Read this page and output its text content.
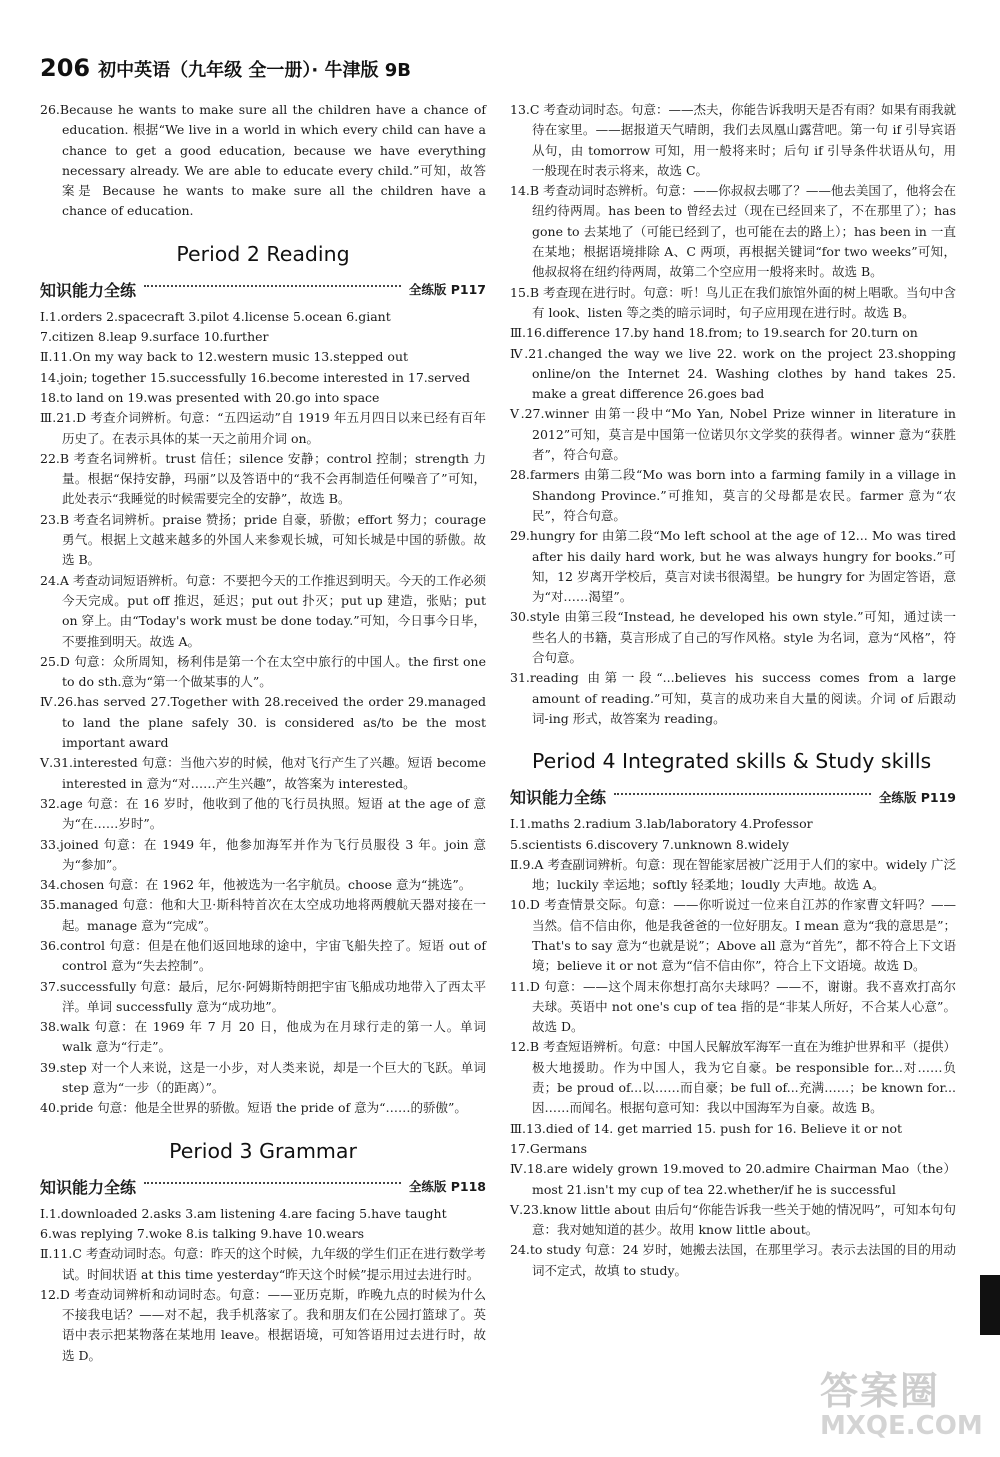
206 初中英语（九年级 全一册）· 牛津版 9B

26.Because he wants to make sure all the children have a chance of education. 根据“We live in a world in which every child can have a chance to get a good education, because we have everything necessary already. We are able to educate every child.”可知，故答案是 Because he wants to make sure all the children have a chance of education.

Period 2 Reading
知识能力全练	全练版 P117

Ⅰ.1.orders 2.spacecraft 3.pilot 4.license 5.ocean 6.giant

7.citizen 8.leap 9.surface 10.further

Ⅱ.11.On my way back to 12.western music 13.stepped out

14.join; together 15.successfully 16.become interested in 17.served

18.to land on 19.was presented with 20.go into space

Ⅲ.21.D 考查介词辨析。句意：“五四运动”自 1919 年五月四日以来已经有百年历史了。在表示具体的某一天之前用介词 on。

22.B 考查名词辨析。trust 信任；silence 安静；control 控制；strength 力量。根据“保持安静，玛丽”以及答语中的“我不会再制造任何噪音了”可知，此处表示“我睡觉的时候需要完全的安静”，故选 B。

23.B 考查名词辨析。praise 赞扬；pride 自豪，骄傲；effort 努力；courage 勇气。根据上文越来越多的外国人来参观长城，可知长城是中国的骄傲。故选 B。

24.A 考查动词短语辨析。句意：不要把今天的工作推迟到明天。今天的工作必须今天完成。put off 推迟，延迟；put out 扑灭；put up 建造，张贴；put on 穿上。由“Today's work must be done today.”可知，今日事今日毕，不要推到明天。故选 A。

25.D 句意：众所周知，杨利伟是第一个在太空中旅行的中国人。the first one to do sth.意为“第一个做某事的人”。

Ⅳ.26.has served 27.Together with 28.received the order 29.managed to land the plane safely 30. is considered as/to be the most important award

Ⅴ.31.interested 句意：当他六岁的时候，他对飞行产生了兴趣。短语 become interested in 意为“对……产生兴趣”，故答案为 interested。

32.age 句意：在 16 岁时，他收到了他的飞行员执照。短语 at the age of 意为“在……岁时”。

33.joined 句意：在 1949 年，他参加海军并作为飞行员服役 3 年。join 意为“参加”。

34.chosen 句意：在 1962 年，他被选为一名宇航员。choose 意为“挑选”。

35.managed 句意：他和大卫·斯科特首次在太空成功地将两艘航天器对接在一起。manage 意为“完成”。

36.control 句意：但是在他们返回地球的途中，宇宙飞船失控了。短语 out of control 意为“失去控制”。

37.successfully 句意：最后，尼尔·阿姆斯特朗把宇宙飞船成功地带入了西太平洋。单词 successfully 意为“成功地”。

38.walk 句意：在 1969 年 7 月 20 日，他成为在月球行走的第一人。单词 walk 意为“行走”。

39.step 对一个人来说，这是一小步，对人类来说，却是一个巨大的飞跃。单词 step 意为“一步（的距离）”。

40.pride 句意：他是全世界的骄傲。短语 the pride of 意为“……的骄傲”。

Period 3 Grammar
知识能力全练	全练版 P118

Ⅰ.1.downloaded 2.asks 3.am listening 4.are facing 5.have taught

6.was replying 7.woke 8.is talking 9.have 10.wears

Ⅱ.11.C 考查动词时态。句意：昨天的这个时候，九年级的学生们正在进行数学考试。时间状语 at this time yesterday“昨天这个时候”提示用过去进行时。

12.D 考查动词辨析和动词时态。句意：——亚历克斯，昨晚九点的时候为什么不接我电话？——对不起，我手机落家了。我和朋友们在公园打篮球了。英语中表示把某物落在某地用 leave。根据语境，可知答语用过去进行时，故选 D。

13.C 考查动词时态。句意：——杰夫，你能告诉我明天是否有雨？如果有雨我就待在家里。——据报道天气晴朗，我们去凤凰山露营吧。第一句 if 引导宾语从句，由 tomorrow 可知，用一般将来时；后句 if 引导条件状语从句，用一般现在时表示将来，故选 C。

14.B 考查动词时态辨析。句意：——你叔叔去哪了？——他去美国了，他将会在纽约待两周。has been to 曾经去过（现在已经回来了，不在那里了）；has gone to 去某地了（可能已经到了，也可能在去的路上）；has been in 一直在某地；根据语境排除 A、C 两项，再根据关键词“for two weeks”可知，他叔叔将在纽约待两周，故第二个空应用一般将来时。故选 B。

15.B 考查现在进行时。句意：听！鸟儿正在我们旅馆外面的树上唱歌。当句中含有 look、listen 等之类的暗示词时，句子应用现在进行时。故选 B。

Ⅲ.16.difference 17.by hand 18.from; to 19.search for 20.turn on

Ⅳ.21.changed the way we live 22. work on the project 23.shopping online/on the Internet 24. Washing clothes by hand takes 25. make a great difference 26.goes bad

Ⅴ.27.winner 由第一段中“Mo Yan, Nobel Prize winner in literature in 2012”可知，莫言是中国第一位诺贝尔文学奖的获得者。winner 意为“获胜者”，符合句意。

28.farmers 由第二段“Mo was born into a farming family in a village in Shandong Province.”可推知，莫言的父母都是农民。farmer 意为“农民”，符合句意。

29.hungry for 由第二段“Mo left school at the age of 12... Mo was tired after his daily hard work, but he was always hungry for books.”可知，12 岁离开学校后，莫言对读书很渴望。be hungry for 为固定答语，意为“对……渴望”。

30.style 由第三段“Instead, he developed his own style.”可知，通过读一些名人的书籍，莫言形成了自己的写作风格。style 为名词，意为“风格”，符合句意。

31.reading 由第一段“...believes his success comes from a large amount of reading.”可知，莫言的成功来自大量的阅读。介词 of 后跟动词-ing 形式，故答案为 reading。

Period 4 Integrated skills & Study skills
知识能力全练	全练版 P119

Ⅰ.1.maths 2.radium 3.lab/laboratory 4.Professor

5.scientists 6.discovery 7.unknown 8.widely

Ⅱ.9.A 考查副词辨析。句意：现在智能家居被广泛用于人们的家中。widely 广泛地；luckily 幸运地；softly 轻柔地；loudly 大声地。故选 A。

10.D 考查情景交际。句意：——你听说过一位来自江苏的作家曹文轩吗？——当然。信不信由你，他是我爸爸的一位好朋友。I mean 意为“我的意思是”；That's to say 意为“也就是说”；Above all 意为“首先”，都不符合上下文语境；believe it or not 意为“信不信由你”，符合上下文语境。故选 D。

11.D 句意：——这个周末你想打高尔夫球吗？——不，谢谢。我不喜欢打高尔夫球。英语中 not one's cup of tea 指的是“非某人所好，不合某人心意”。故选 D。

12.B 考查短语辨析。句意：中国人民解放军海军一直在为维护世界和平（提供）极大地援助。作为中国人，我为它自豪。be responsible for...对……负责；be proud of...以……而自豪；be full of...充满……；be known for...因……而闻名。根据句意可知：我以中国海军为自豪。故选 B。

Ⅲ.13.died of 14. get married 15. push for 16. Believe it or not

17.Germans

Ⅳ.18.are widely grown 19.moved to 20.admire Chairman Mao（the）most 21.isn't my cup of tea 22.whether/if he is successful

Ⅴ.23.know little about 由后句“你能告诉我一些关于她的情况吗”，可知本句句意：我对她知道的甚少。故用 know little about。

24.to study 句意：24 岁时，她搬去法国，在那里学习。表示去法国的目的用动词不定式，故填 to study。

答案圈
MXQE.COM
